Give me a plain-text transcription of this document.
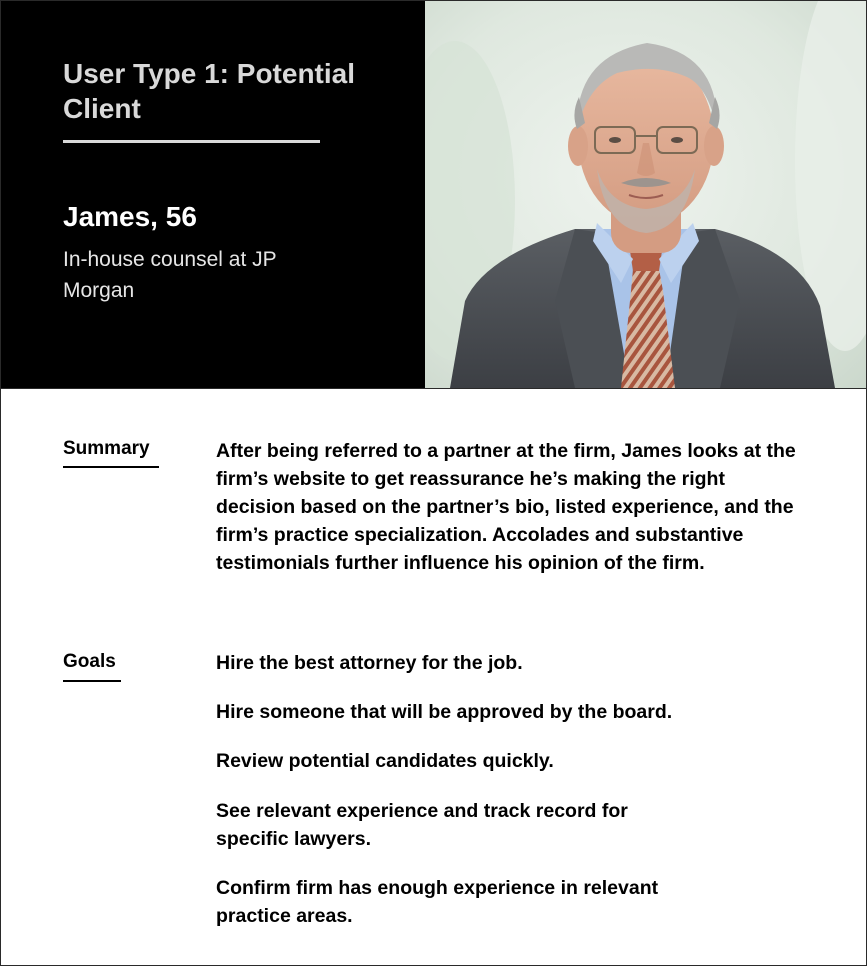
User Type 1: Potential Client
James, 56

In-house counsel at JP Morgan

Summary	After being referred to a partner at the firm, James looks at the firm’s website to get reassurance he’s making the right decision based on the partner’s bio, listed experience, and the firm’s practice specialization. Accolades and substantive testimonials further influence his opinion of the firm.

Goals	Hire the best attorney for the job.
Hire someone that will be approved by the board.
Review potential candidates quickly.
See relevant experience and track record for specific lawyers.
Confirm firm has enough experience in relevant practice areas.
